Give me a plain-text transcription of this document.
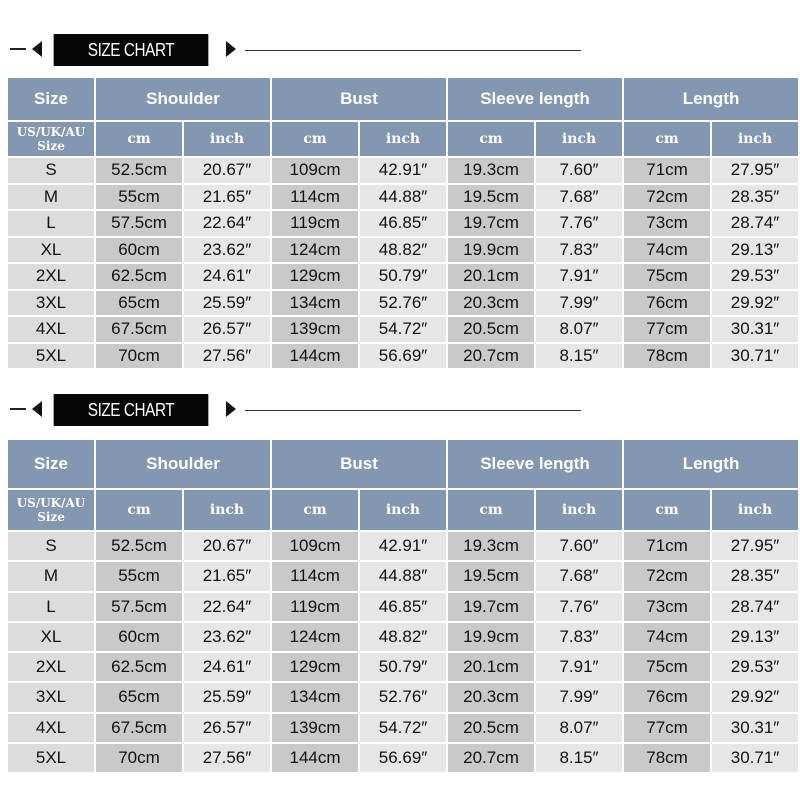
SIZE CHART
Size	Shoulder		Bust		Sleeve length		Length	
US/UK/AU Size	cm	inch	cm	inch	cm	inch	cm	inch
S	52.5cm	20.67″	109cm	42.91″	19.3cm	7.60″	71cm	27.95″
M	55cm	21.65″	114cm	44.88″	19.5cm	7.68″	72cm	28.35″
L	57.5cm	22.64″	119cm	46.85″	19.7cm	7.76″	73cm	28.74″
XL	60cm	23.62″	124cm	48.82″	19.9cm	7.83″	74cm	29.13″
2XL	62.5cm	24.61″	129cm	50.79″	20.1cm	7.91″	75cm	29.53″
3XL	65cm	25.59″	134cm	52.76″	20.3cm	7.99″	76cm	29.92″
4XL	67.5cm	26.57″	139cm	54.72″	20.5cm	8.07″	77cm	30.31″
5XL	70cm	27.56″	144cm	56.69″	20.7cm	8.15″	78cm	30.71″
SIZE CHART
Size	Shoulder		Bust		Sleeve length		Length	
US/UK/AU Size	cm	inch	cm	inch	cm	inch	cm	inch
S	52.5cm	20.67″	109cm	42.91″	19.3cm	7.60″	71cm	27.95″
M	55cm	21.65″	114cm	44.88″	19.5cm	7.68″	72cm	28.35″
L	57.5cm	22.64″	119cm	46.85″	19.7cm	7.76″	73cm	28.74″
XL	60cm	23.62″	124cm	48.82″	19.9cm	7.83″	74cm	29.13″
2XL	62.5cm	24.61″	129cm	50.79″	20.1cm	7.91″	75cm	29.53″
3XL	65cm	25.59″	134cm	52.76″	20.3cm	7.99″	76cm	29.92″
4XL	67.5cm	26.57″	139cm	54.72″	20.5cm	8.07″	77cm	30.31″
5XL	70cm	27.56″	144cm	56.69″	20.7cm	8.15″	78cm	30.71″
